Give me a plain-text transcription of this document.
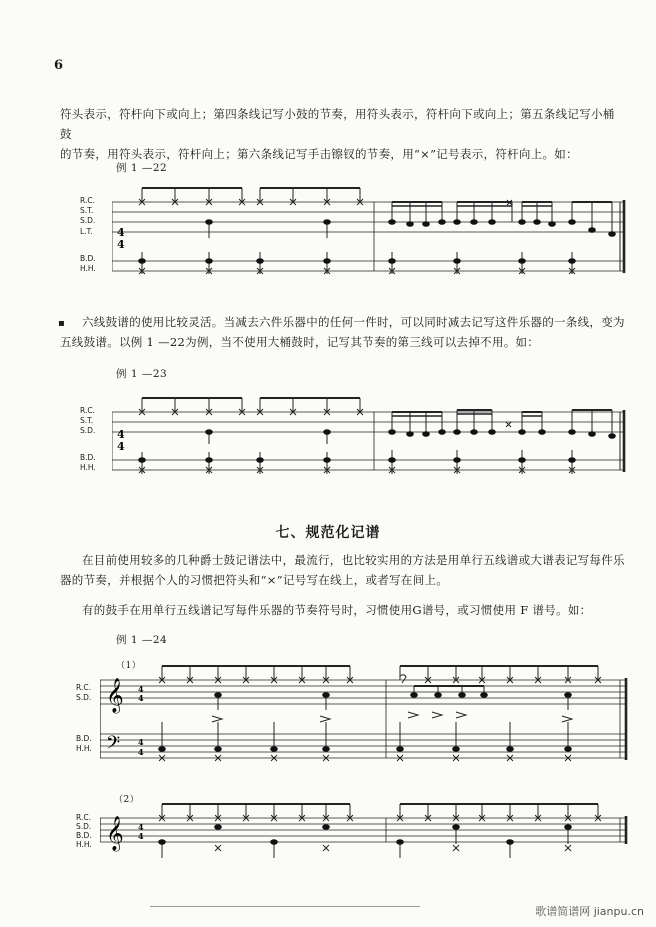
6

符头表示，符杆向下或向上；第四条线记写小鼓的节奏，用符头表示，符杆向下或向上；第五条线记写小桶鼓

的节奏，用符头表示，符杆向上；第六条线记写手击镲钗的节奏，用“×”记号表示，符杆向上。如：

例 1 —22
R.C.
S.T.
S.D.
L.T.
B.D.
H.H.
4
4
▪	六线鼓谱的使用比较灵活。当减去六件乐器中的任何一件时，可以同时减去记写这件乐器的一条线，变为

五线鼓谱。以例 1 —22为例，当不使用大桶鼓时，记写其节奏的第三线可以去掉不用。如：

例 1 —23
R.C.
S.T.
S.D.
B.D.
H.H.
4
4
七、规范化记谱

在目前使用较多的几种爵士鼓记谱法中，最流行，也比较实用的方法是用单行五线谱或大谱表记写每件乐

器的节奏，并根据个人的习惯把符头和“×”记号写在线上，或者写在间上。

有的鼓手在用单行五线谱记写每件乐器的节奏符号时，习惯使用G谱号，或习惯使用 F 谱号。如：

例 1 —24
（1）
R.C.
S.D.
B.D.
H.H.
𝄞
𝄢
4
4
4
4
（2）
R.C.
S.D.
B.D.
H.H. 𝄞 4
4
歌谱简谱网 jianpu.cn
